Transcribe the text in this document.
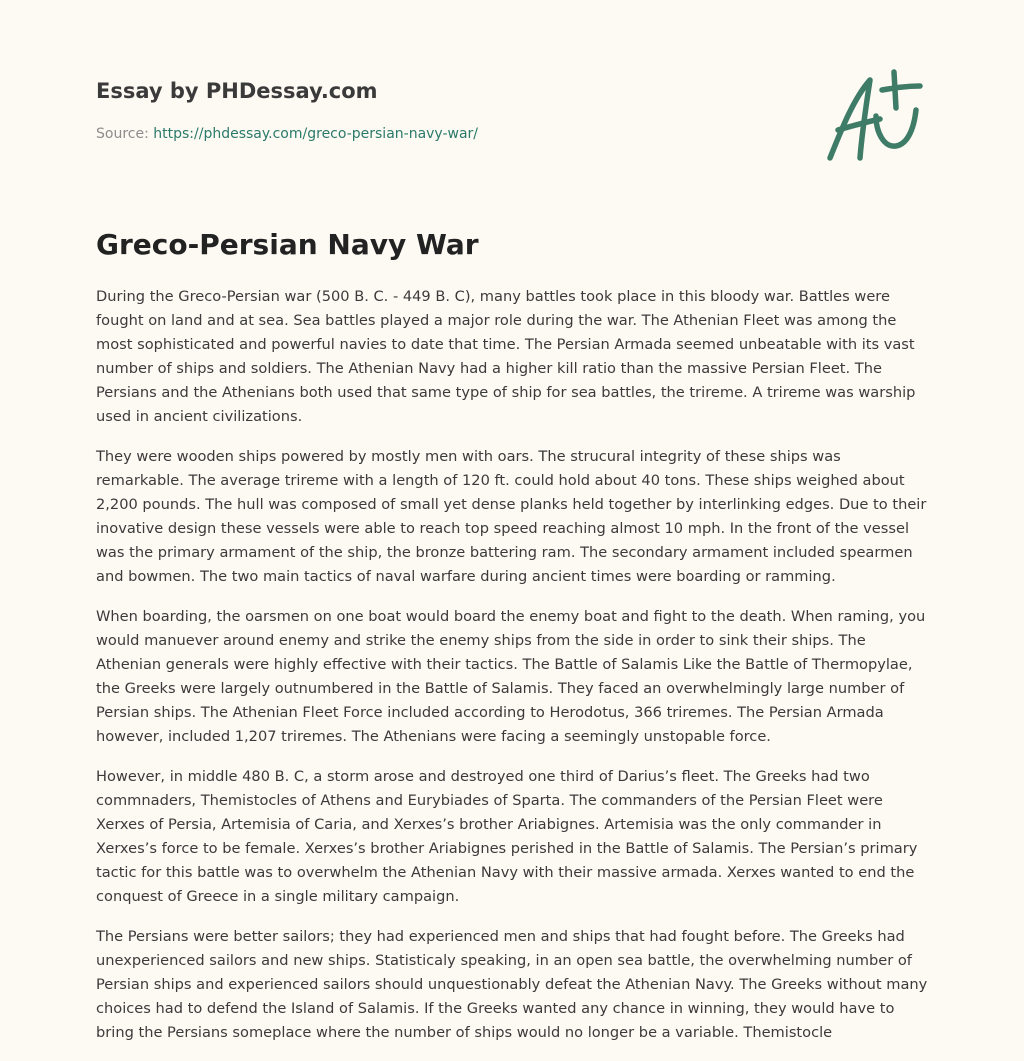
Essay by PHDessay.com
Source: https://phdessay.com/greco-persian-navy-war/
Greco-Persian Navy War

During the Greco-Persian war (500 B. C. - 449 B. C), many battles took place in this bloody war. Battles were fought on land and at sea. Sea battles played a major role during the war. The Athenian Fleet was among the most sophisticated and powerful navies to date that time. The Persian Armada seemed unbeatable with its vast number of ships and soldiers. The Athenian Navy had a higher kill ratio than the massive Persian Fleet. The Persians and the Athenians both used that same type of ship for sea battles, the trireme. A trireme was warship used in ancient civilizations.

They were wooden ships powered by mostly men with oars. The strucural integrity of these ships was remarkable. The average trireme with a length of 120 ft. could hold about 40 tons. These ships weighed about 2,200 pounds. The hull was composed of small yet dense planks held together by interlinking edges. Due to their inovative design these vessels were able to reach top speed reaching almost 10 mph. In the front of the vessel was the primary armament of the ship, the bronze battering ram. The secondary armament included spearmen and bowmen. The two main tactics of naval warfare during ancient times were boarding or ramming.

When boarding, the oarsmen on one boat would board the enemy boat and fight to the death. When raming, you would manuever around enemy and strike the enemy ships from the side in order to sink their ships. The Athenian generals were highly effective with their tactics. The Battle of Salamis Like the Battle of Thermopylae, the Greeks were largely outnumbered in the Battle of Salamis. They faced an overwhelmingly large number of Persian ships. The Athenian Fleet Force included according to Herodotus, 366 triremes. The Persian Armada however, included 1,207 triremes. The Athenians were facing a seemingly unstopable force.

However, in middle 480 B. C, a storm arose and destroyed one third of Darius’s fleet. The Greeks had two commnaders, Themistocles of Athens and Eurybiades of Sparta. The commanders of the Persian Fleet were Xerxes of Persia, Artemisia of Caria, and Xerxes’s brother Ariabignes. Artemisia was the only commander in Xerxes’s force to be female. Xerxes’s brother Ariabignes perished in the Battle of Salamis. The Persian’s primary tactic for this battle was to overwhelm the Athenian Navy with their massive armada. Xerxes wanted to end the conquest of Greece in a single military campaign.

The Persians were better sailors; they had experienced men and ships that had fought before. The Greeks had unexperienced sailors and new ships. Statisticaly speaking, in an open sea battle, the overwhelming number of Persian ships and experienced sailors should unquestionably defeat the Athenian Navy. The Greeks without many choices had to defend the Island of Salamis. If the Greeks wanted any chance in winning, they would have to bring the Persians someplace where the number of ships would no longer be a variable. Themistocle
